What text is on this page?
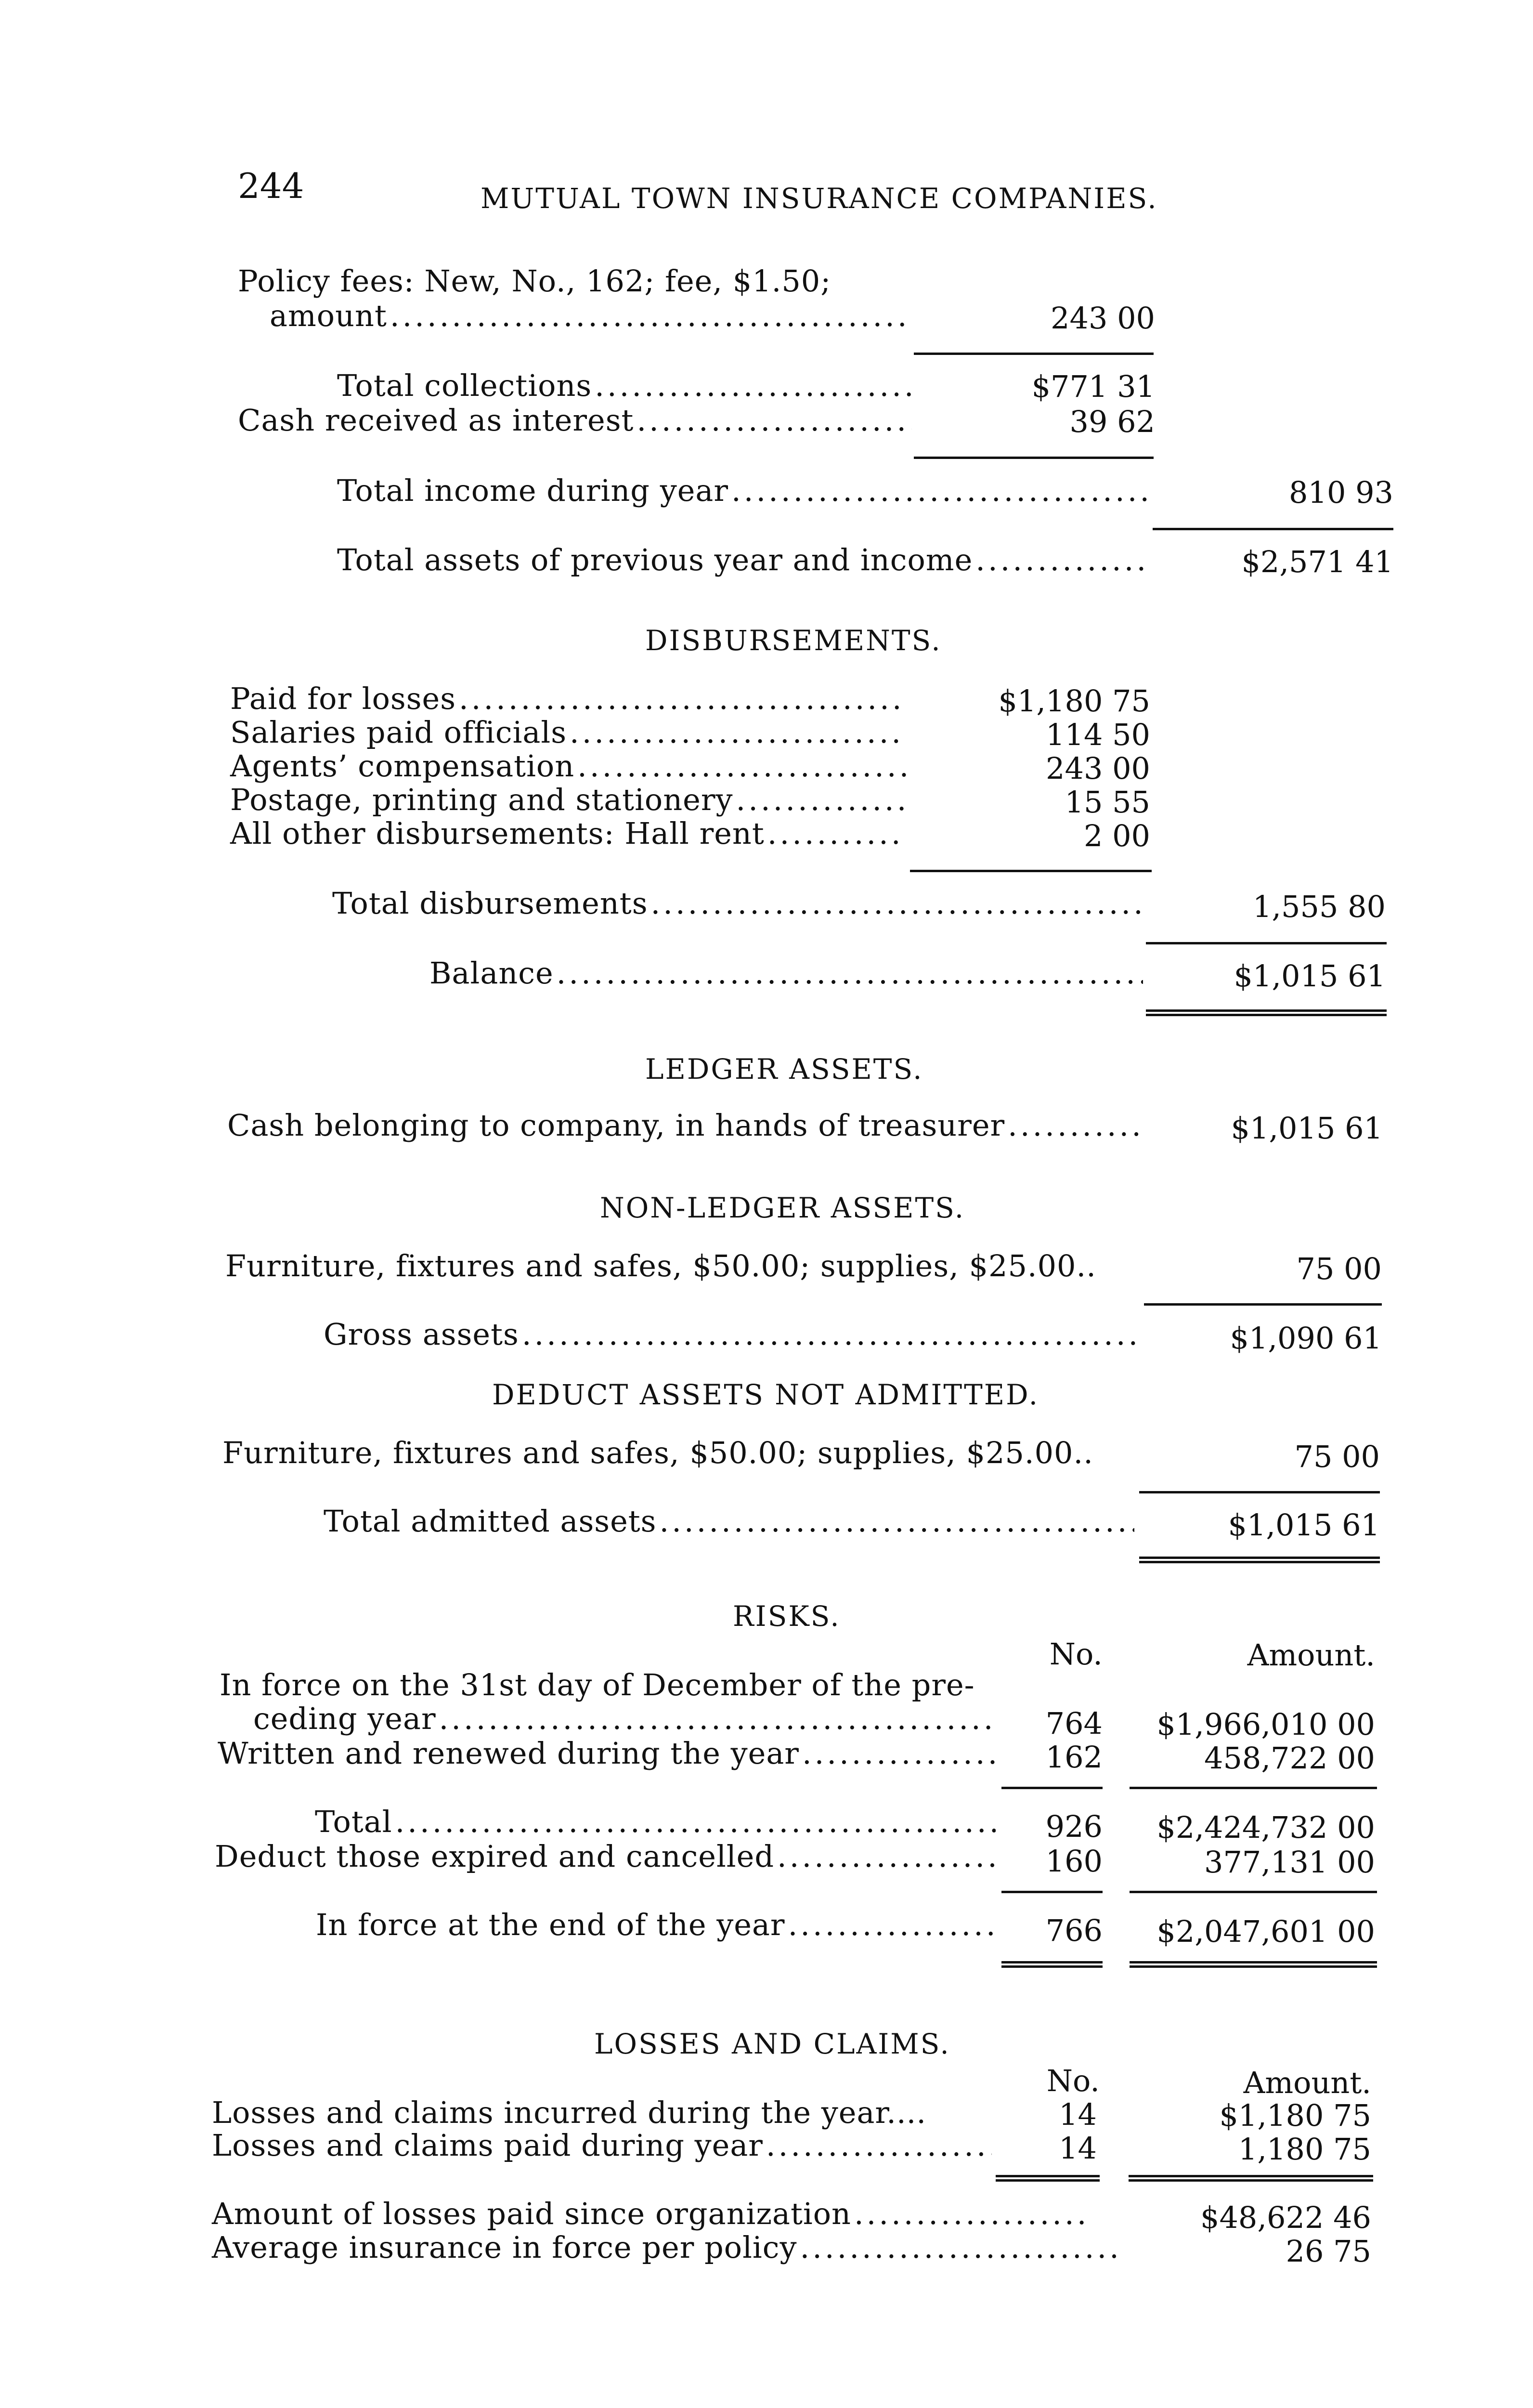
244	MUTUAL TOWN INSURANCE COMPANIES.
Policy fees: New, No., 162; fee, $1.50;
amount .....	243 00
Total collections .....	$771 31
Cash received as interest .....	39 62
Total income during year .....	810 93
Total assets of previous year and income .....	$2,571 41
DISBURSEMENTS.
Paid for losses .....	$1,180 75
Salaries paid officials .....	114 50
Agents’ compensation .....	243 00
Postage, printing and stationery .....	15 55
All other disbursements: Hall rent .....	2 00
Total disbursements .....	1,555 80
Balance .....	$1,015 61
LEDGER ASSETS.
Cash belonging to company, in hands of treasurer .....	$1,015 61
NON-LEDGER ASSETS.
Furniture, fixtures and safes, $50.00; supplies, $25.00..	75 00
Gross assets .....	$1,090 61
DEDUCT ASSETS NOT ADMITTED.
Furniture, fixtures and safes, $50.00; supplies, $25.00..	75 00
Total admitted assets .....	$1,015 61
RISKS.
No.	Amount.
In force on the 31st day of December of the pre-
ceding year .....	764 $1,966,010 00
Written and renewed during the year .....	162	458,722 00
Total .....	926 $2,424,732 00
Deduct those expired and cancelled .....	160	377,131 00
In force at the end of the year .....	766 $2,047,601 00
LOSSES AND CLAIMS.
No.	Amount.
Losses and claims incurred during the year....	14	$1,180 75
Losses and claims paid during year .....	14	1,180 75
Amount of losses paid since organization .....	$48,622 46
Average insurance in force per policy .....	26 75
